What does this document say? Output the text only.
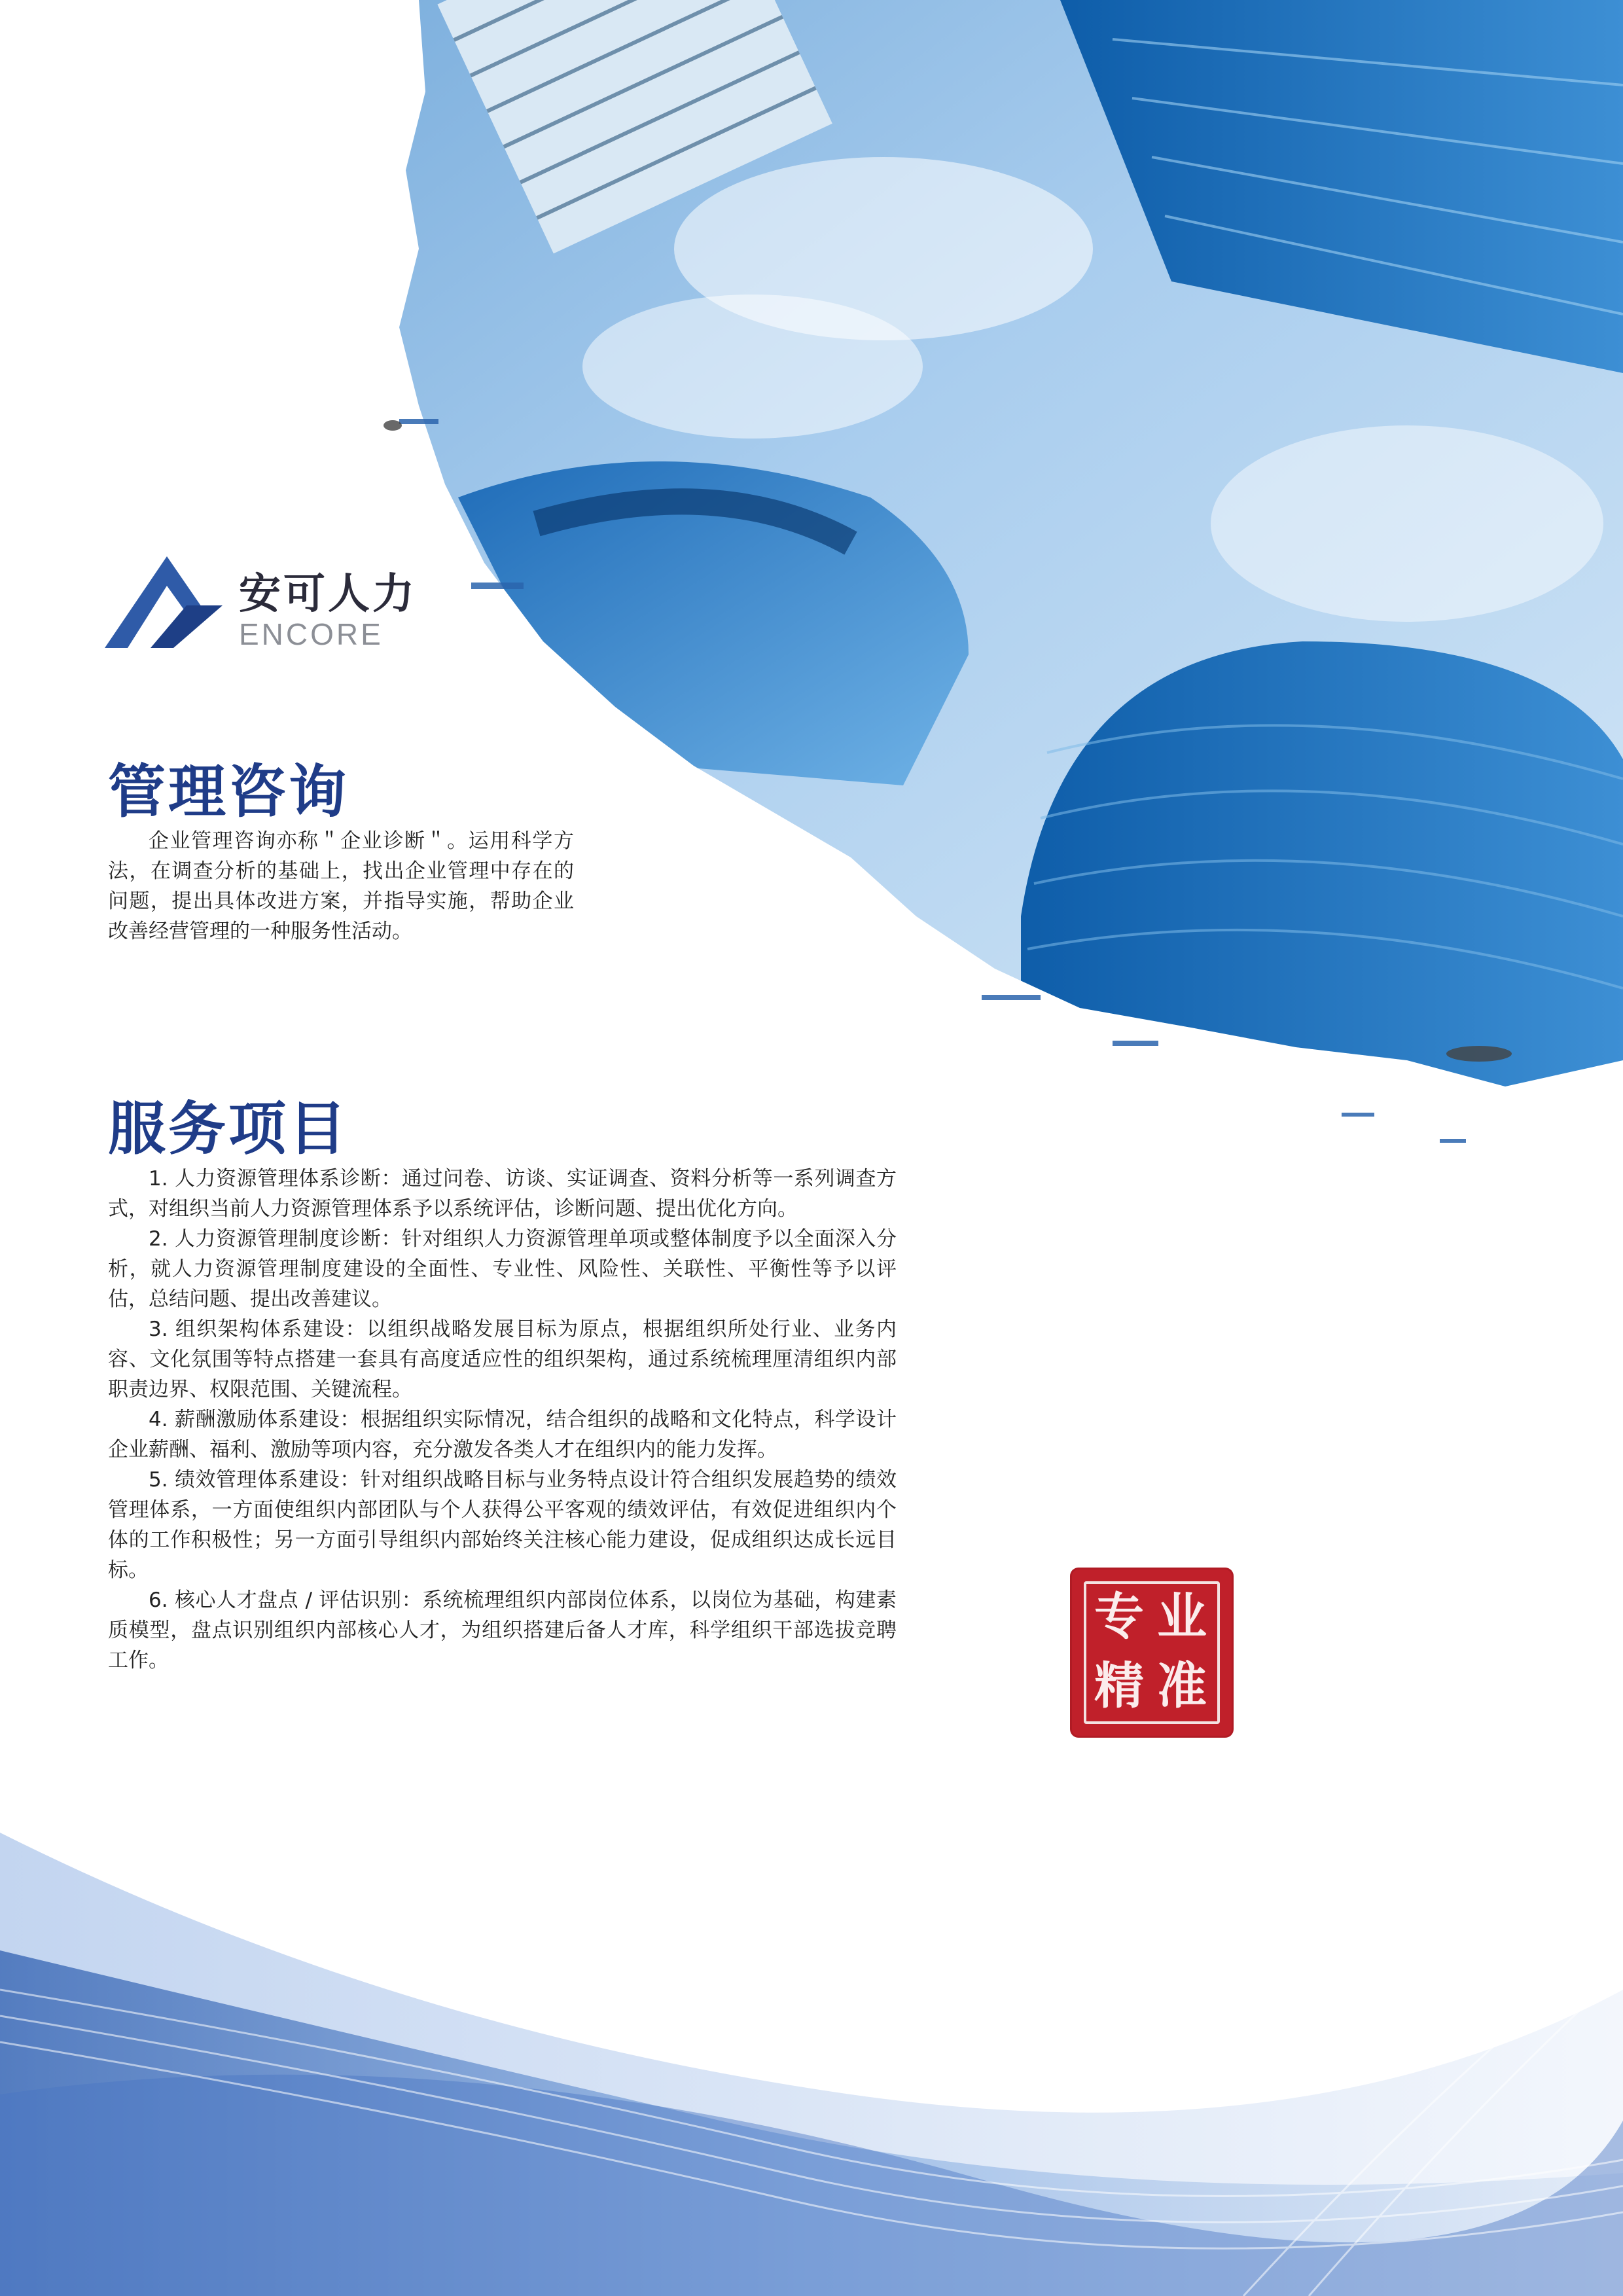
安可人力
ENCORE
管理咨询

企业管理咨询亦称＂企业诊断＂。运用科学方法，在调查分析的基础上，找出企业管理中存在的问题，提出具体改进方案，并指导实施，帮助企业改善经营管理的一种服务性活动。

服务项目
1. 人力资源管理体系诊断：通过问卷、访谈、实证调查、资料分析等一系列调查方式，对组织当前人力资源管理体系予以系统评估，诊断问题、提出优化方向。
2. 人力资源管理制度诊断：针对组织人力资源管理单项或整体制度予以全面深入分析，就人力资源管理制度建设的全面性、专业性、风险性、关联性、平衡性等予以评估，总结问题、提出改善建议。
3. 组织架构体系建设：以组织战略发展目标为原点，根据组织所处行业、业务内容、文化氛围等特点搭建一套具有高度适应性的组织架构，通过系统梳理厘清组织内部职责边界、权限范围、关键流程。
4. 薪酬激励体系建设：根据组织实际情况，结合组织的战略和文化特点，科学设计企业薪酬、福利、激励等项内容，充分激发各类人才在组织内的能力发挥。
5. 绩效管理体系建设：针对组织战略目标与业务特点设计符合组织发展趋势的绩效管理体系，一方面使组织内部团队与个人获得公平客观的绩效评估，有效促进组织内个体的工作积极性；另一方面引导组织内部始终关注核心能力建设，促成组织达成长远目标。
6. 核心人才盘点 / 评估识别：系统梳理组织内部岗位体系，以岗位为基础，构建素质模型，盘点识别组织内部核心人才，为组织搭建后备人才库，科学组织干部选拔竞聘工作。
业
专
准
精
